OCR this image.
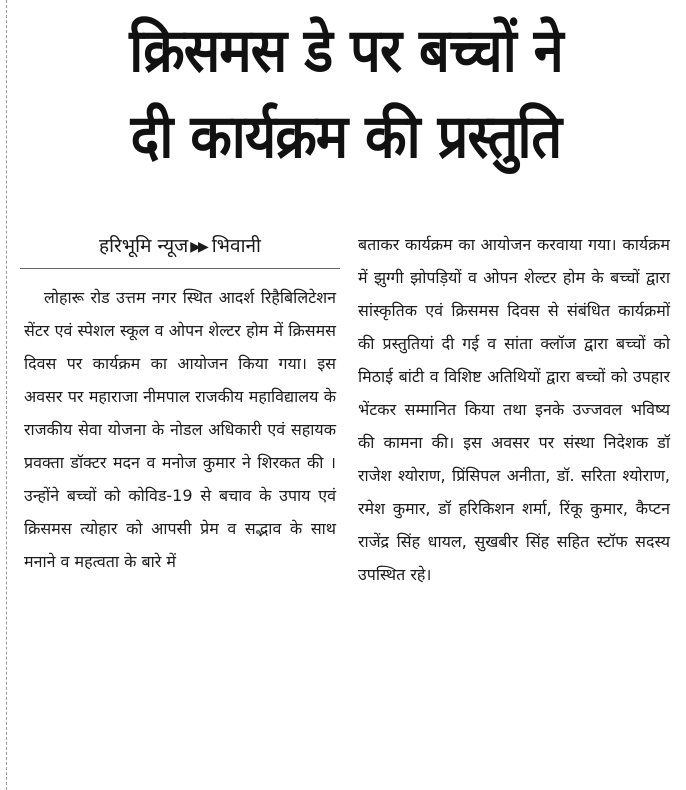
क्रिसमस डे पर बच्चों ने
दी कार्यक्रम की प्रस्तुति
हरिभूमि न्यूज ▶▶ भिवानी

लोहारू रोड उत्तम नगर स्थित आदर्श रिहैबिलिटेशन सेंटर एवं स्पेशल स्कूल व ओपन शेल्टर होम में क्रिसमस दिवस पर कार्यक्रम का आयोजन किया गया। इस अवसर पर महाराजा नीमपाल राजकीय महाविद्यालय के राजकीय सेवा योजना के नोडल अधिकारी एवं सहायक प्रवक्ता डॉक्टर मदन व मनोज कुमार ने शिरकत की । उन्होंने बच्चों को कोविड-19 से बचाव के उपाय एवं क्रिसमस त्योहार को आपसी प्रेम व सद्भाव के साथ मनाने व महत्वता के बारे में

बताकर कार्यक्रम का आयोजन करवाया गया। कार्यक्रम में झुग्गी झोपड़ियों व ओपन शेल्टर होम के बच्चों द्वारा सांस्कृतिक एवं क्रिसमस दिवस से संबंधित कार्यक्रमों की प्रस्तुतियां दी गई व सांता क्लॉज द्वारा बच्चों को मिठाई बांटी व विशिष्ट अतिथियों द्वारा बच्चों को उपहार भेंटकर सम्मानित किया तथा इनके उज्जवल भविष्य की कामना की। इस अवसर पर संस्था निदेशक डॉ राजेश श्योराण, प्रिंसिपल अनीता, डॉ. सरिता श्योराण, रमेश कुमार, डॉ हरिकिशन शर्मा, रिंकू कुमार, कैप्टन राजेंद्र सिंह धायल, सुखबीर सिंह सहित स्टॉफ सदस्य उपस्थित रहे।
